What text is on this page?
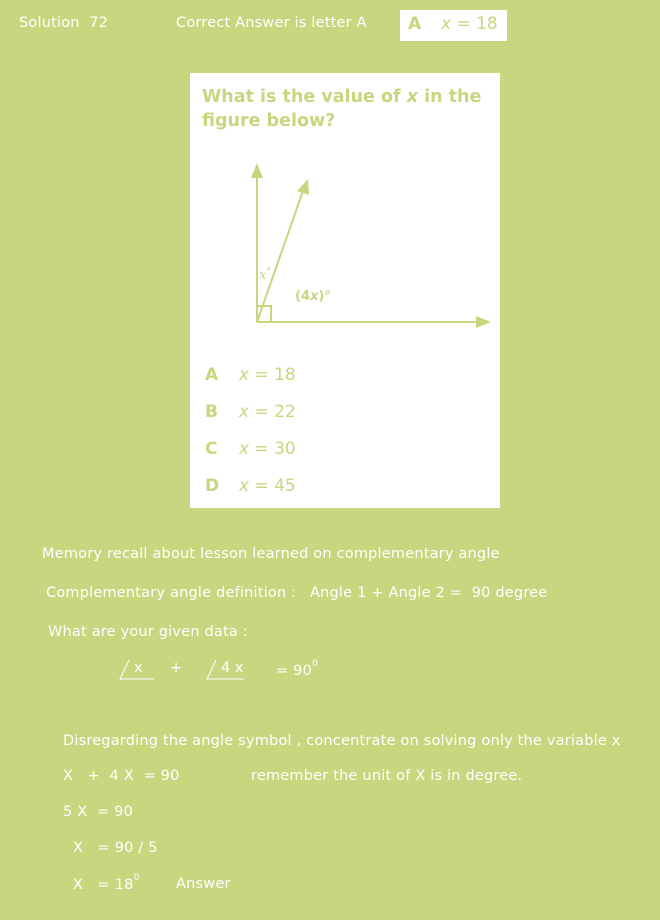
Solution  72	Correct Answer is letter A A x = 18
What is the value of x in the figure below?
x°
(4x)°
A x = 18
B x = 22
C x = 30
D x = 45
Memory recall about lesson learned on complementary angle
Complementary angle definition : Angle 1 + Angle 2 =  90 degree
What are your given data :
x +	4 $x = 90^0$
Disregarding the angle symbol , concentrate on solving only the variable x
X   +  4 X  = 90	remember the unit of X is in degree.
5 X  = 90
X   = 90 / 5
$X = 18^0$	Answer
